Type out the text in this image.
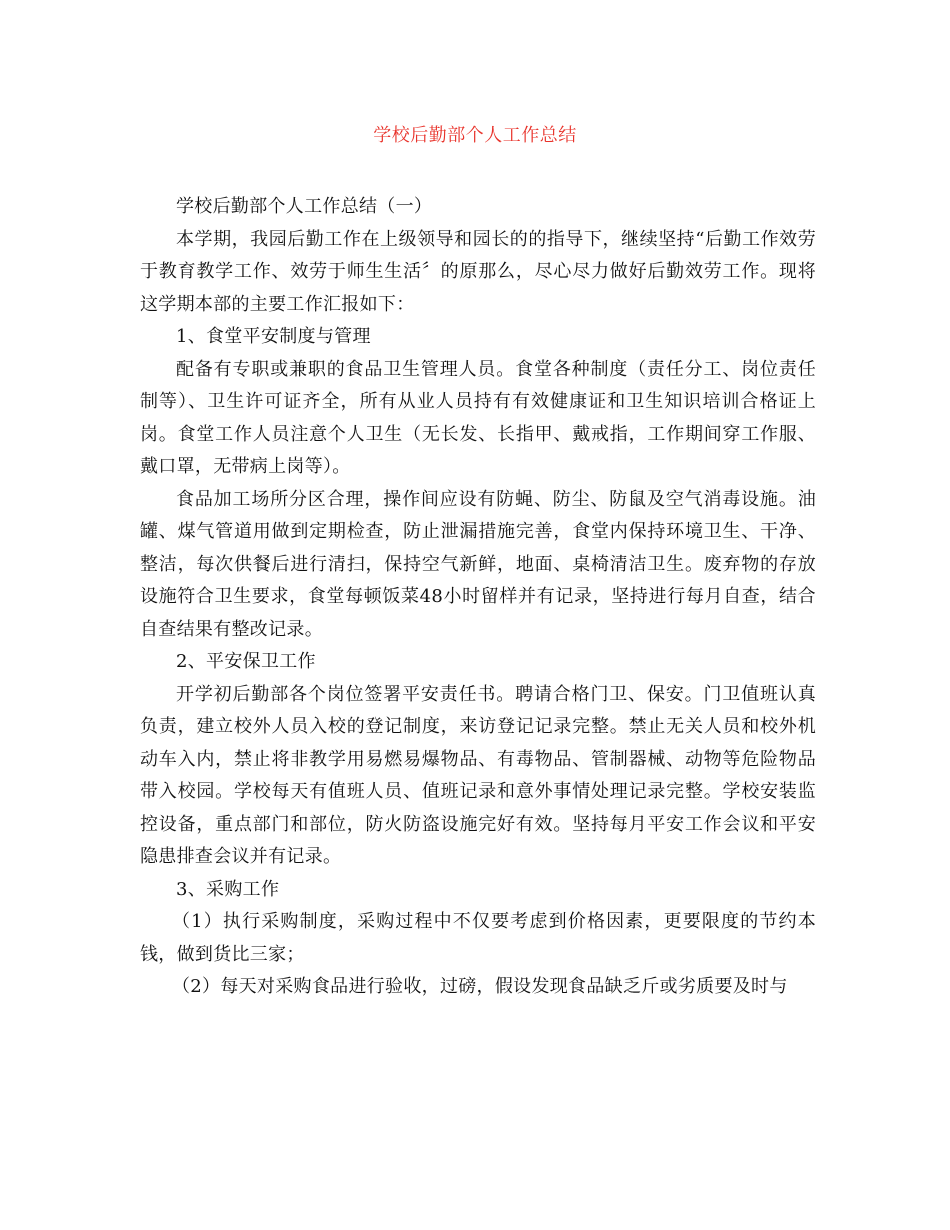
学校后勤部个人工作总结

学校后勤部个人工作总结（一）

本学期，我园后勤工作在上级领导和园长的的指导下，继续坚持“后勤工作效劳于教育教学工作、效劳于师生生活〞的原那么，尽心尽力做好后勤效劳工作。现将这学期本部的主要工作汇报如下：

1、食堂平安制度与管理

配备有专职或兼职的食品卫生管理人员。食堂各种制度（责任分工、岗位责任制等）、卫生许可证齐全，所有从业人员持有有效健康证和卫生知识培训合格证上岗。食堂工作人员注意个人卫生（无长发、长指甲、戴戒指，工作期间穿工作服、戴口罩，无带病上岗等）。

食品加工场所分区合理，操作间应设有防蝇、防尘、防鼠及空气消毒设施。油罐、煤气管道用做到定期检查，防止泄漏措施完善，食堂内保持环境卫生、干净、整洁，每次供餐后进行清扫，保持空气新鲜，地面、桌椅清洁卫生。废弃物的存放设施符合卫生要求，食堂每顿饭菜48小时留样并有记录，坚持进行每月自查，结合自查结果有整改记录。

2、平安保卫工作

开学初后勤部各个岗位签署平安责任书。聘请合格门卫、保安。门卫值班认真负责，建立校外人员入校的登记制度，来访登记记录完整。禁止无关人员和校外机动车入内，禁止将非教学用易燃易爆物品、有毒物品、管制器械、动物等危险物品带入校园。学校每天有值班人员、值班记录和意外事情处理记录完整。学校安装监控设备，重点部门和部位，防火防盗设施完好有效。坚持每月平安工作会议和平安隐患排查会议并有记录。

3、采购工作

（1）执行采购制度，采购过程中不仅要考虑到价格因素，更要限度的节约本钱，做到货比三家；

（2）每天对采购食品进行验收，过磅，假设发现食品缺乏斤或劣质要及时与
